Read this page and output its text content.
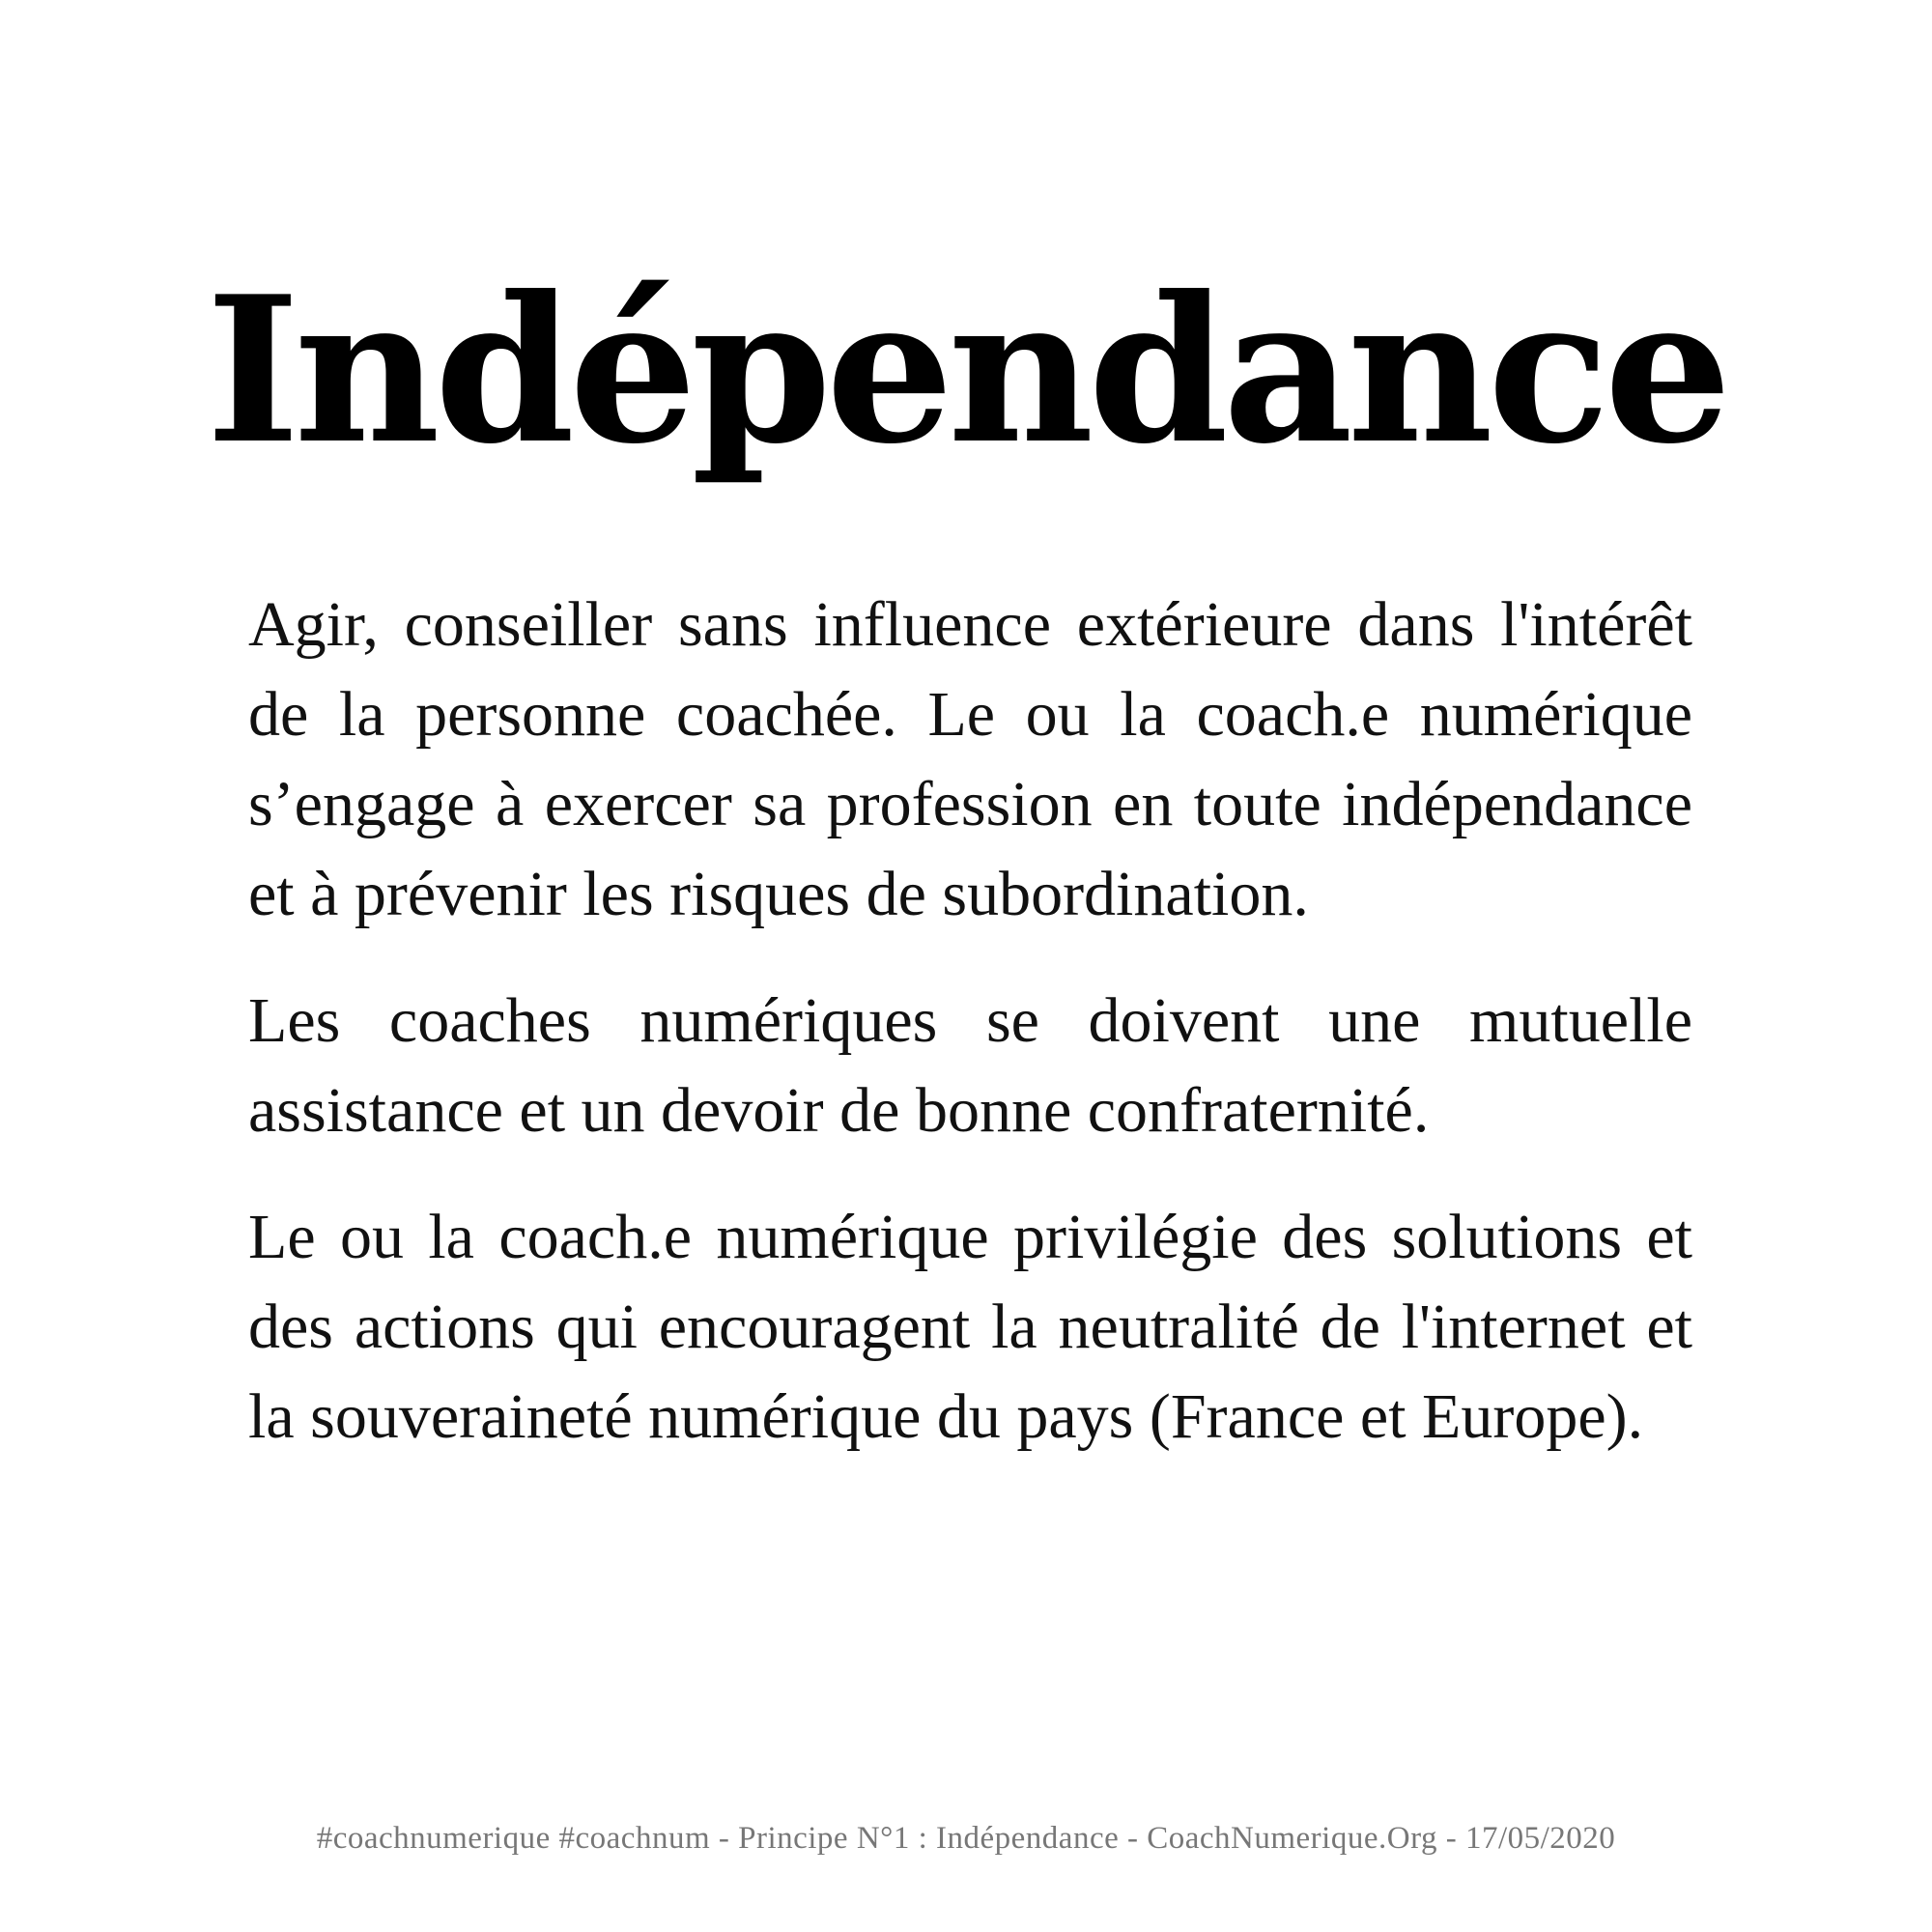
Indépendance

Agir, conseiller sans influence extérieure dans l'intérêt de la personne coachée. Le ou la coach.e numérique s’engage à exercer sa profession en toute indépendance et à prévenir les risques de subordination.

Les coaches numériques se doivent une mutuelle assistance et un devoir de bonne confraternité.

Le ou la coach.e numérique privilégie des solutions et des actions qui encouragent la neutralité de l'internet et la souveraineté numérique du pays (France et Europe).

#coachnumerique #coachnum - Principe N°1 : Indépendance - CoachNumerique.Org - 17/05/2020
